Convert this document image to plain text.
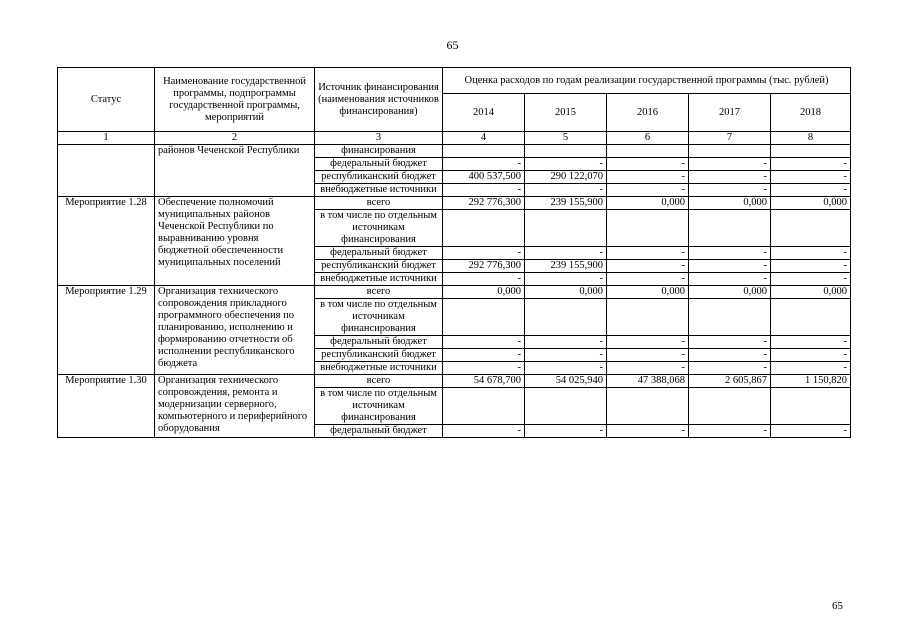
65
Статус	Наименование государственной программы, подпрограммы государственной программы, мероприятий	Источник финансирования (наименования источников финансирования)	Оценка расходов по годам реализации государственной программы (тыс. рублей)				
			2014	2015	2016	2017	2018
1	2	3	4	5	6	7	8
	районов Чеченской Республики	финансирования					
		федеральный бюджет	-	-	-	-	-
		республиканский бюджет	400 537,500	290 122,070	-	-	-
		внебюджетные источники	-	-	-	-	-
Мероприятие 1.28	Обеспечение полномочий муниципальных районов Чеченской Республики по выравниванию уровня бюджетной обеспеченности муниципальных поселений	всего	292 776,300	239 155,900	0,000	0,000	0,000
		в том числе по отдельным источникам финансирования					
		федеральный бюджет	-	-	-	-	-
		республиканский бюджет	292 776,300	239 155,900	-	-	-
		внебюджетные источники	-	-	-	-	-
Мероприятие 1.29	Организация технического сопровождения прикладного программного обеспечения по планированию, исполнению и формированию отчетности об исполнении республиканского бюджета	всего	0,000	0,000	0,000	0,000	0,000
		в том числе по отдельным источникам финансирования					
		федеральный бюджет	-	-	-	-	-
		республиканский бюджет	-	-	-	-	-
		внебюджетные источники	-	-	-	-	-
Мероприятие 1.30	Организация технического сопровождения, ремонта и модернизации серверного, компьютерного и периферийного оборудования	всего	54 678,700	54 025,940	47 388,068	2 605,867	1 150,820
		в том числе по отдельным источникам финансирования					
		федеральный бюджет	-	-	-	-	-
65
